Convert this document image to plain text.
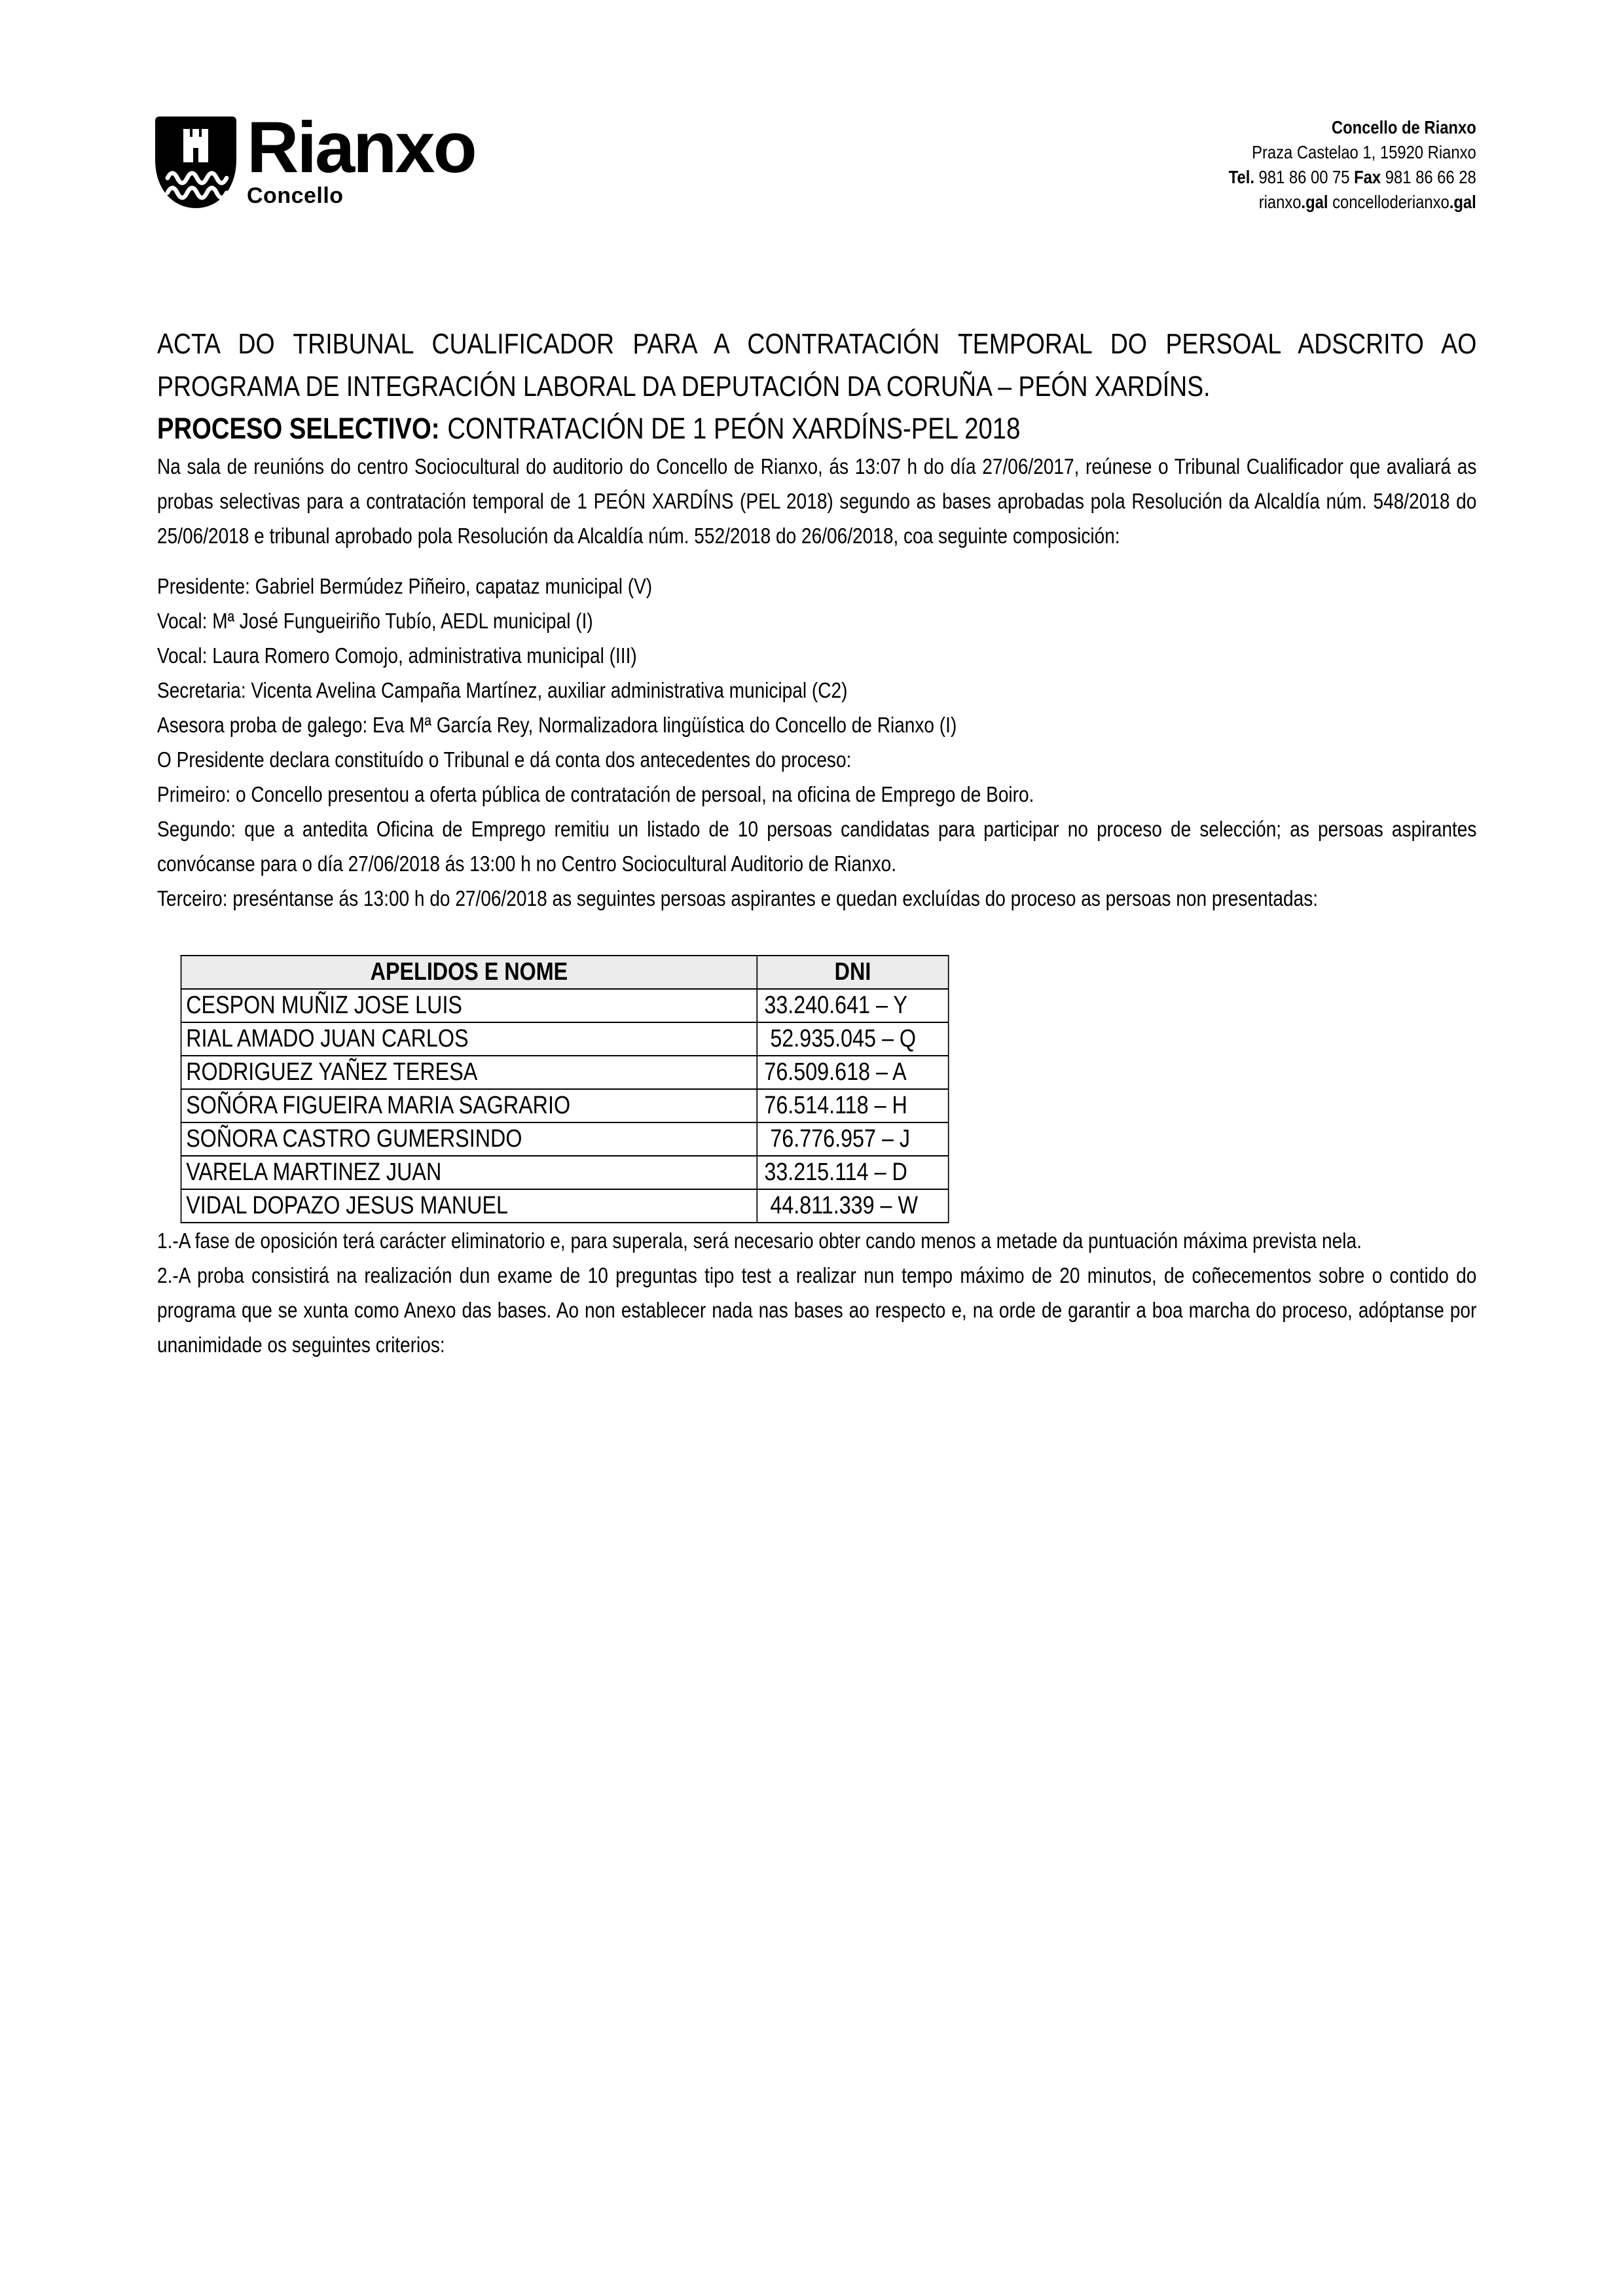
Rianxo
Concello
Concello de Rianxo
Praza Castelao 1, 15920 Rianxo
Tel. 981 86 00 75 Fax 981 86 66 28
rianxo.gal concelloderianxo.gal

ACTA DO TRIBUNAL CUALIFICADOR PARA A CONTRATACIÓN TEMPORAL DO PERSOAL ADSCRITO AO PROGRAMA DE INTEGRACIÓN LABORAL DA DEPUTACIÓN DA CORUÑA – PEÓN XARDÍNS.

PROCESO SELECTIVO: CONTRATACIÓN DE 1 PEÓN XARDÍNS-PEL 2018

Na sala de reunións do centro Sociocultural do auditorio do Concello de Rianxo, ás 13:07 h do día 27/06/2017, reúnese o Tribunal Cualificador que avaliará as probas selectivas para a contratación temporal de 1 PEÓN XARDÍNS (PEL 2018) segundo as bases aprobadas pola Resolución da Alcaldía núm. 548/2018 do 25/06/2018 e tribunal aprobado pola Resolución da Alcaldía núm. 552/2018 do 26/06/2018, coa seguinte composición:

Presidente: Gabriel Bermúdez Piñeiro, capataz municipal (V)
Vocal: Mª José Fungueiriño Tubío, AEDL municipal (I)
Vocal: Laura Romero Comojo, administrativa municipal (III)
Secretaria: Vicenta Avelina Campaña Martínez, auxiliar administrativa municipal (C2)
Asesora proba de galego: Eva Mª García Rey, Normalizadora lingüística do Concello de Rianxo (I)

O Presidente declara constituído o Tribunal e dá conta dos antecedentes do proceso:

Primeiro: o Concello presentou a oferta pública de contratación de persoal, na oficina de Emprego de Boiro.

Segundo: que a antedita Oficina de Emprego remitiu un listado de 10 persoas candidatas para participar no proceso de selección; as persoas aspirantes convócanse para o día 27/06/2018 ás 13:00 h no Centro Sociocultural Auditorio de Rianxo.

Terceiro: preséntanse ás 13:00 h do 27/06/2018 as seguintes persoas aspirantes e quedan excluídas do proceso as persoas non presentadas:

APELIDOS E NOME	DNI
CESPON MUÑIZ JOSE LUIS	33.240.641 – Y
RIAL AMADO JUAN CARLOS	52.935.045 – Q
RODRIGUEZ YAÑEZ TERESA	76.509.618 – A
SOÑÓRA FIGUEIRA MARIA SAGRARIO	76.514.118 – H
SOÑORA CASTRO GUMERSINDO	76.776.957 – J
VARELA MARTINEZ JUAN	33.215.114 – D
VIDAL DOPAZO JESUS MANUEL	44.811.339 – W

1.-A fase de oposición terá carácter eliminatorio e, para superala, será necesario obter cando menos a metade da puntuación máxima prevista nela.

2.-A proba consistirá na realización dun exame de 10 preguntas tipo test a realizar nun tempo máximo de 20 minutos, de coñecementos sobre o contido do programa que se xunta como Anexo das bases. Ao non establecer nada nas bases ao respecto e, na orde de garantir a boa marcha do proceso, adóptanse por unanimidade os seguintes criterios:
